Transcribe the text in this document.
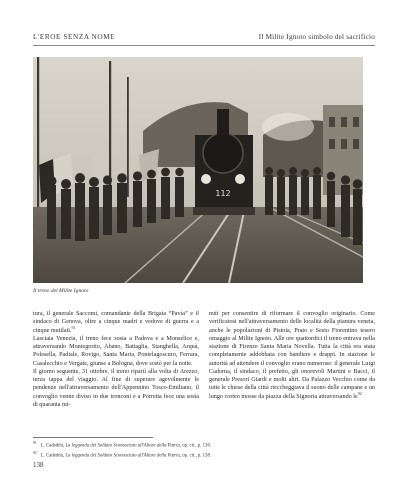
L'EROE SENZA NOME	Il Milite Ignoto simbolo del sacrificio
112
Il treno del Milite Ignoto

tura, il generale Saccomi, comandante della Brigata “Pavia” e il sindaco di Genova, oltre a cinque madri e vedove di guerra e a cinque mutilati.$^{91}$

Lasciata Venezia, il treno fece sosta a Padova e a Monselice e, attraversando Montegrotto, Abano, Battaglia, Stanghella, Arquà, Polesella, Padiale, Rovigo, Santa Maria, Pontelagoscuro, Ferrara, Casalecchio e Vergate, giunse a Bologna, dove sostò per la notte.

Il giorno seguente, 31 ottobre, il treno ripartì alla volta di Arezzo, terza tappa del viaggio. Al fine di superare agevolmente le pendenze nell'attraversamento dell'Appennino Tosco-Emiliano, il convoglio venne diviso in due tronconi e a Porretta fece una sosta di quaranta mi-

nuti per consentire di riformare il convoglio originario. Come verificatosi nell'attraversamento delle località della pianura veneta, anche le popolazioni di Pistoia, Prato e Sesto Fiorentino tesero omaggio al Milite Ignoto. Alle ore quattordici il treno entrava nella stazione di Firenze Santa Maria Novella. Tutta la città era stata completamente addobbata con bandiere e drappi. In stazione le autorità ad attendere il convoglio erano numerose: il generale Luigi Cadorna, il sindaco, il prefetto, gli onorevoli Martini e Bacci, il generale Presori Giardi e molti altri. Da Palazzo Vecchio come da tutte le chiese della città rieccheggiava il suono delle campane e un lungo corteo mosse da piazza della Signoria attraversando $le^{92}$

$^{91}$L. Cadeddu, La leggenda del Soldato Sconosciuto all'Altare della Patria, op. cit., p. 136.
$^{92}$L. Cadeddu, La leggenda del Soldato Sconosciuto all'Altare della Patria, op. cit., p. 138.
138
